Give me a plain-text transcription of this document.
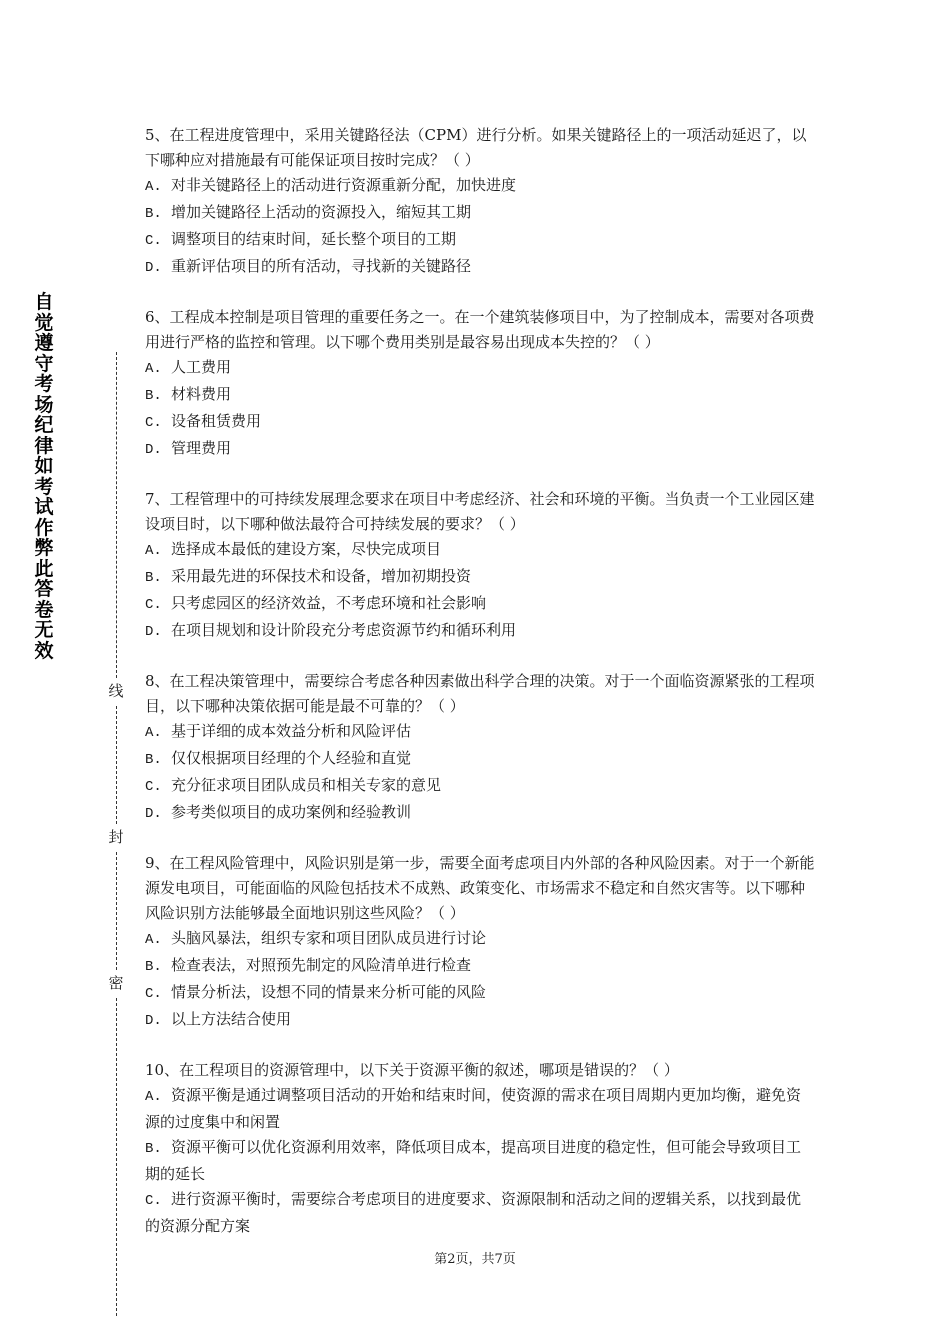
自觉遵守考场纪律如考试作弊此答卷无效
线
封
密

5、在工程进度管理中，采用关键路径法（CPM）进行分析。如果关键路径上的一项活动延迟了，以下哪种应对措施最有可能保证项目按时完成？（ ）

A. 对非关键路径上的活动进行资源重新分配，加快进度

B. 增加关键路径上活动的资源投入，缩短其工期

C. 调整项目的结束时间，延长整个项目的工期

D. 重新评估项目的所有活动，寻找新的关键路径

6、工程成本控制是项目管理的重要任务之一。在一个建筑装修项目中，为了控制成本，需要对各项费用进行严格的监控和管理。以下哪个费用类别是最容易出现成本失控的？（ ）

A. 人工费用

B. 材料费用

C. 设备租赁费用

D. 管理费用

7、工程管理中的可持续发展理念要求在项目中考虑经济、社会和环境的平衡。当负责一个工业园区建设项目时，以下哪种做法最符合可持续发展的要求？（ ）

A. 选择成本最低的建设方案，尽快完成项目

B. 采用最先进的环保技术和设备，增加初期投资

C. 只考虑园区的经济效益，不考虑环境和社会影响

D. 在项目规划和设计阶段充分考虑资源节约和循环利用

8、在工程决策管理中，需要综合考虑各种因素做出科学合理的决策。对于一个面临资源紧张的工程项目，以下哪种决策依据可能是最不可靠的？（ ）

A. 基于详细的成本效益分析和风险评估

B. 仅仅根据项目经理的个人经验和直觉

C. 充分征求项目团队成员和相关专家的意见

D. 参考类似项目的成功案例和经验教训

9、在工程风险管理中，风险识别是第一步，需要全面考虑项目内外部的各种风险因素。对于一个新能源发电项目，可能面临的风险包括技术不成熟、政策变化、市场需求不稳定和自然灾害等。以下哪种风险识别方法能够最全面地识别这些风险？（ ）

A. 头脑风暴法，组织专家和项目团队成员进行讨论

B. 检查表法，对照预先制定的风险清单进行检查

C. 情景分析法，设想不同的情景来分析可能的风险

D. 以上方法结合使用

10、在工程项目的资源管理中，以下关于资源平衡的叙述，哪项是错误的？（ ）

A. 资源平衡是通过调整项目活动的开始和结束时间，使资源的需求在项目周期内更加均衡，避免资源的过度集中和闲置

B. 资源平衡可以优化资源利用效率，降低项目成本，提高项目进度的稳定性，但可能会导致项目工期的延长

C. 进行资源平衡时，需要综合考虑项目的进度要求、资源限制和活动之间的逻辑关系，以找到最优的资源分配方案

第2页，共7页
